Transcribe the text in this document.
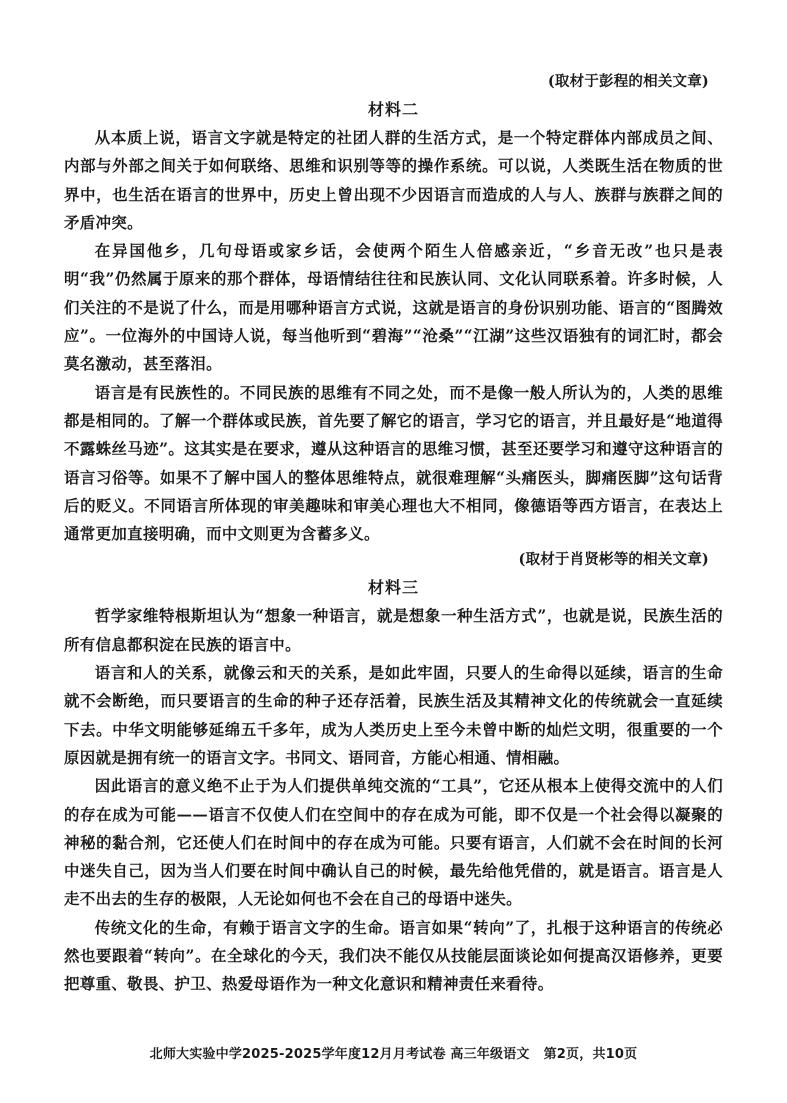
(取材于彭程的相关文章)

材料二

从本质上说，语言文字就是特定的社团人群的生活方式，是一个特定群体内部成员之间、内部与外部之间关于如何联络、思维和识别等等的操作系统。可以说，人类既生活在物质的世界中，也生活在语言的世界中，历史上曾出现不少因语言而造成的人与人、族群与族群之间的矛盾冲突。

在异国他乡，几句母语或家乡话，会使两个陌生人倍感亲近，“乡音无改”也只是表明“我”仍然属于原来的那个群体，母语情结往往和民族认同、文化认同联系着。许多时候，人们关注的不是说了什么，而是用哪种语言方式说，这就是语言的身份识别功能、语言的“图腾效应”。一位海外的中国诗人说，每当他听到“碧海”“沧桑”“江湖”这些汉语独有的词汇时，都会莫名激动，甚至落泪。

语言是有民族性的。不同民族的思维有不同之处，而不是像一般人所认为的，人类的思维都是相同的。了解一个群体或民族，首先要了解它的语言，学习它的语言，并且最好是“地道得不露蛛丝马迹”。这其实是在要求，遵从这种语言的思维习惯，甚至还要学习和遵守这种语言的语言习俗等。如果不了解中国人的整体思维特点，就很难理解“头痛医头，脚痛医脚”这句话背后的贬义。不同语言所体现的审美趣味和审美心理也大不相同，像德语等西方语言，在表达上通常更加直接明确，而中文则更为含蓄多义。

(取材于肖贤彬等的相关文章)

材料三

哲学家维特根斯坦认为“想象一种语言，就是想象一种生活方式”，也就是说，民族生活的所有信息都积淀在民族的语言中。

语言和人的关系，就像云和天的关系，是如此牢固，只要人的生命得以延续，语言的生命就不会断绝，而只要语言的生命的种子还存活着，民族生活及其精神文化的传统就会一直延续下去。中华文明能够延绵五千多年，成为人类历史上至今未曾中断的灿烂文明，很重要的一个原因就是拥有统一的语言文字。书同文、语同音，方能心相通、情相融。

因此语言的意义绝不止于为人们提供单纯交流的“工具”，它还从根本上使得交流中的人们的存在成为可能——语言不仅使人们在空间中的存在成为可能，即不仅是一个社会得以凝聚的神秘的黏合剂，它还使人们在时间中的存在成为可能。只要有语言，人们就不会在时间的长河中迷失自己，因为当人们要在时间中确认自己的时候，最先给他凭借的，就是语言。语言是人走不出去的生存的极限，人无论如何也不会在自己的母语中迷失。

传统文化的生命，有赖于语言文字的生命。语言如果“转向”了，扎根于这种语言的传统必然也要跟着“转向”。在全球化的今天，我们决不能仅从技能层面谈论如何提高汉语修养，更要把尊重、敬畏、护卫、热爱母语作为一种文化意识和精神责任来看待。

北师大实验中学2025-2025学年度12月月考试卷 高三年级语文 第2页，共10页
